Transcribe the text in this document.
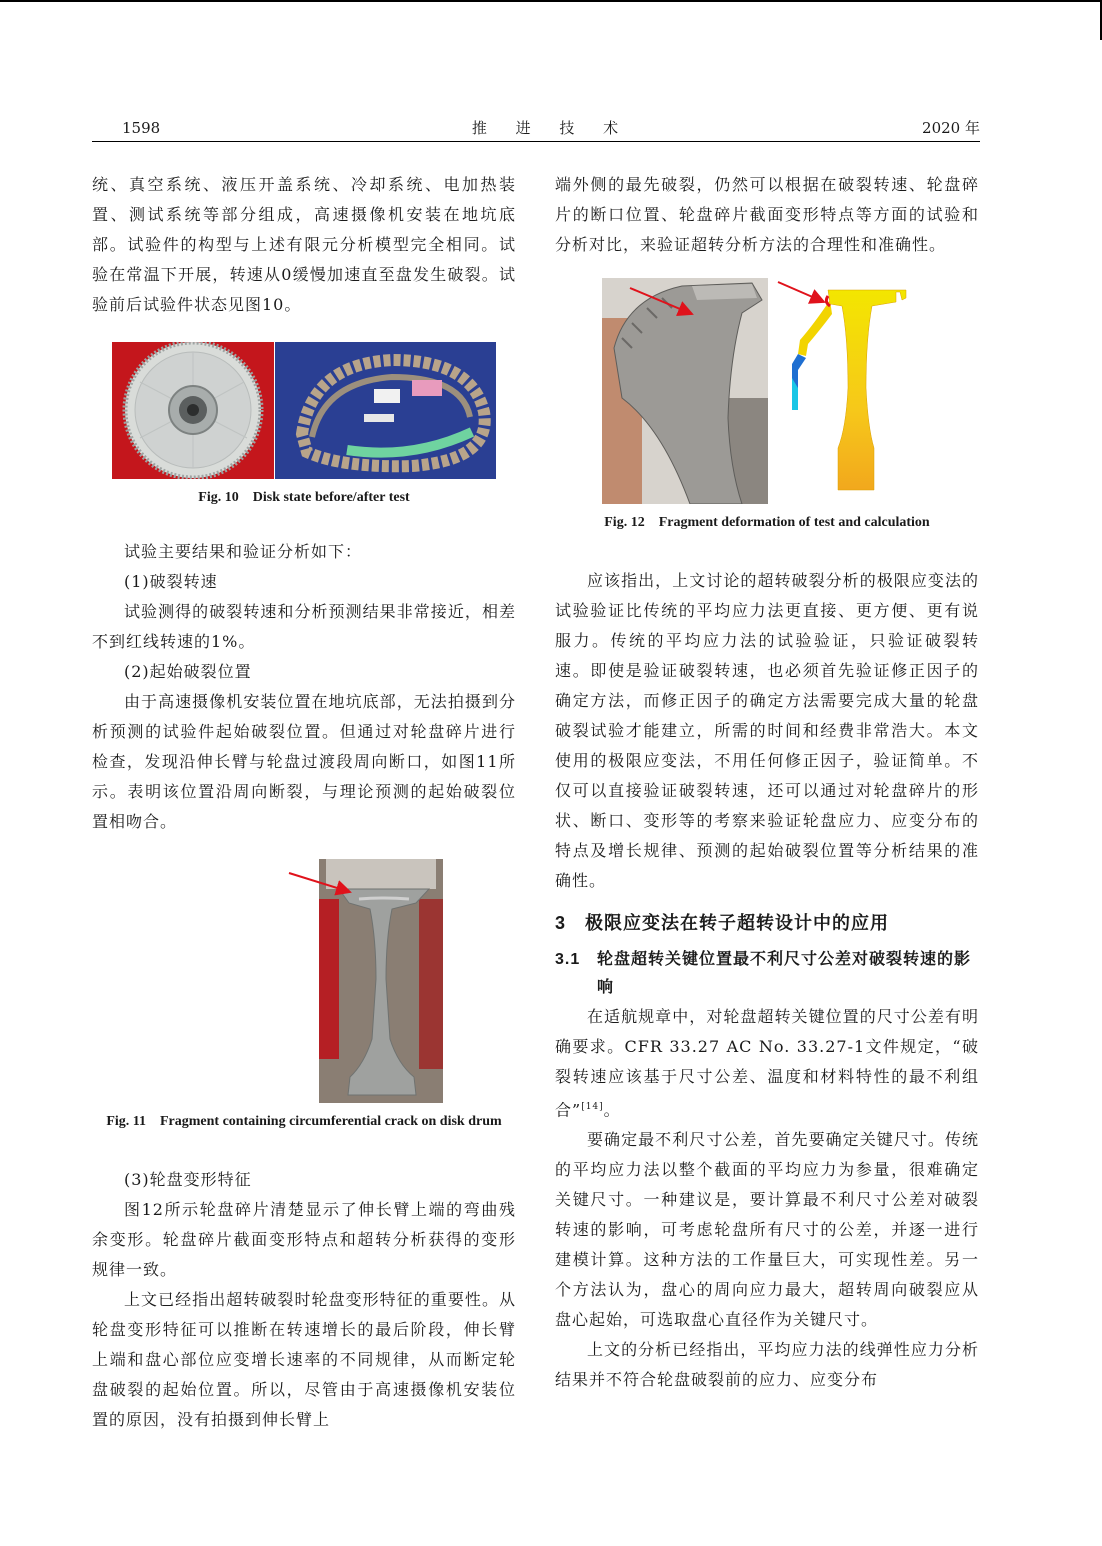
1598	推 进 技 术	2020 年

统、真空系统、液压开盖系统、冷却系统、电加热装置、测试系统等部分组成，高速摄像机安装在地坑底部。试验件的构型与上述有限元分析模型完全相同。试验在常温下开展，转速从0缓慢加速直至盘发生破裂。试验前后试验件状态见图10。

Fig. 10 Disk state before/after test

试验主要结果和验证分析如下：

(1)破裂转速

试验测得的破裂转速和分析预测结果非常接近，相差不到红线转速的1%。

(2)起始破裂位置

由于高速摄像机安装位置在地坑底部，无法拍摄到分析预测的试验件起始破裂位置。但通过对轮盘碎片进行检查，发现沿伸长臂与轮盘过渡段周向断口，如图11所示。表明该位置沿周向断裂，与理论预测的起始破裂位置相吻合。

Fig. 11 Fragment containing circumferential crack on disk drum

(3)轮盘变形特征

图12所示轮盘碎片清楚显示了伸长臂上端的弯曲残余变形。轮盘碎片截面变形特点和超转分析获得的变形规律一致。

上文已经指出超转破裂时轮盘变形特征的重要性。从轮盘变形特征可以推断在转速增长的最后阶段，伸长臂上端和盘心部位应变增长速率的不同规律，从而断定轮盘破裂的起始位置。所以，尽管由于高速摄像机安装位置的原因，没有拍摄到伸长臂上

端外侧的最先破裂，仍然可以根据在破裂转速、轮盘碎片的断口位置、轮盘碎片截面变形特点等方面的试验和分析对比，来验证超转分析方法的合理性和准确性。

Fig. 12 Fragment deformation of test and calculation

应该指出，上文讨论的超转破裂分析的极限应变法的试验验证比传统的平均应力法更直接、更方便、更有说服力。传统的平均应力法的试验验证，只验证破裂转速。即使是验证破裂转速，也必须首先验证修正因子的确定方法，而修正因子的确定方法需要完成大量的轮盘破裂试验才能建立，所需的时间和经费非常浩大。本文使用的极限应变法，不用任何修正因子，验证简单。不仅可以直接验证破裂转速，还可以通过对轮盘碎片的形状、断口、变形等的考察来验证轮盘应力、应变分布的特点及增长规律、预测的起始破裂位置等分析结果的准确性。

3 极限应变法在转子超转设计中的应用
3.1	轮盘超转关键位置最不利尺寸公差对破裂转速的影响

在适航规章中，对轮盘超转关键位置的尺寸公差有明确要求。CFR 33.27 AC No. 33.27-1文件规定，“破裂转速应该基于尺寸公差、温度和材料特性的最不利组合”[14]。

要确定最不利尺寸公差，首先要确定关键尺寸。传统的平均应力法以整个截面的平均应力为参量，很难确定关键尺寸。一种建议是，要计算最不利尺寸公差对破裂转速的影响，可考虑轮盘所有尺寸的公差，并逐一进行建模计算。这种方法的工作量巨大，可实现性差。另一个方法认为，盘心的周向应力最大，超转周向破裂应从盘心起始，可选取盘心直径作为关键尺寸。

上文的分析已经指出，平均应力法的线弹性应力分析结果并不符合轮盘破裂前的应力、应变分布
